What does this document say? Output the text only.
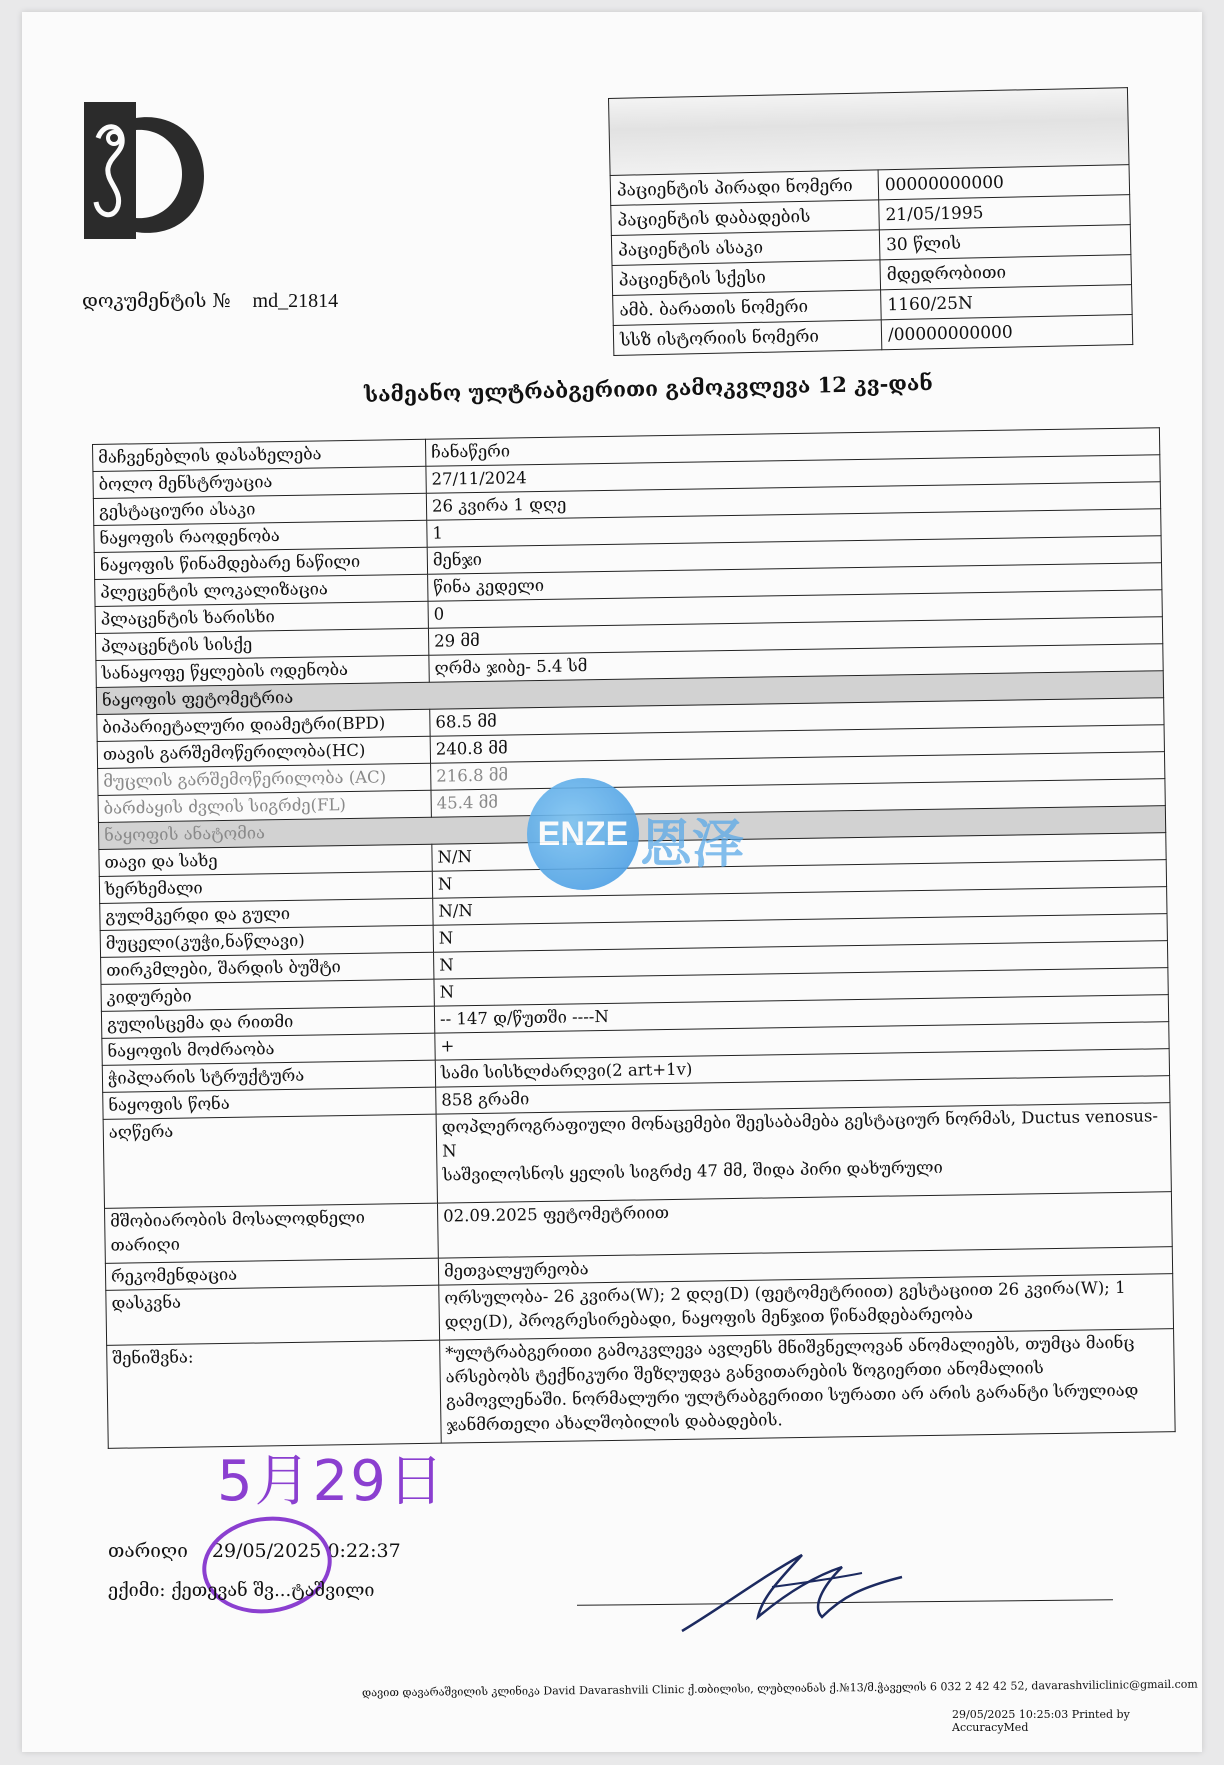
დოკუმენტის № md_21814

პაციენტის პირადი ნომერი	00000000000
პაციენტის დაბადების	21/05/1995
პაციენტის ასაკი	30 წლის
პაციენტის სქესი	მდედრობითი
ამბ. ბარათის ნომერი	1160/25N
სსზ ისტორიის ნომერი	/00000000000
სამეანო ულტრაბგერითი გამოკვლევა 12 კვ-დან
მაჩვენებლის დასახელება	ჩანაწერი
ბოლო მენსტრუაცია	27/11/2024
გესტაციური ასაკი	26 კვირა 1 დღე
ნაყოფის რაოდენობა	1
ნაყოფის წინამდებარე ნაწილი	მენჯი
პლეცენტის ლოკალიზაცია	წინა კედელი
პლაცენტის ხარისხი	0
პლაცენტის სისქე	29 მმ
სანაყოფე წყლების ოდენობა	ღრმა ჯიბე- 5.4 სმ
ნაყოფის ფეტომეტრია	
ბიპარიეტალური დიამეტრი(BPD)	68.5 მმ
თავის გარშემოწერილობა(HC)	240.8 მმ
მუცლის გარშემოწერილობა (AC)	216.8 მმ
ბარძაყის ძვლის სიგრძე(FL)	45.4 მმ
ნაყოფის ანატომია	
თავი და სახე	N/N
ხერხემალი	N
გულმკერდი და გული	N/N
მუცელი(კუჭი,ნაწლავი)	N
თირკმლები, შარდის ბუშტი	N
კიდურები	N
გულისცემა და რითმი	-- 147 დ/წუთში ----N
ნაყოფის მოძრაობა	+
ჭიპლარის სტრუქტურა	სამი სისხლძარღვი(2 art+1v)
ნაყოფის წონა	858 გრამი
აღწერა	დოპლეროგრაფიული მონაცემები შეესაბამება გესტაციურ ნორმას, Ductus venosus-N
საშვილოსნოს ყელის სიგრძე 47 მმ, შიდა პირი დახურული

მშობიარობის მოსალოდნელი თარიღი	02.09.2025 ფეტომეტრიით
რეკომენდაცია	მეთვალყურეობა
დასკვნა	ორსულობა- 26 კვირა(W); 2 დღე(D) (ფეტომეტრიით) გესტაციით 26 კვირა(W); 1 დღე(D), პროგრესირებადი, ნაყოფის მენჯით წინამდებარეობა
შენიშვნა:	*ულტრაბგერითი გამოკვლევა ავლენს მნიშვნელოვან ანომალიებს, თუმცა მაინც არსებობს ტექნიკური შეზღუდვა განვითარების ზოგიერთი ანომალიის გამოვლენაში. ნორმალური ულტრაბგერითი სურათი არ არის გარანტი სრულიად ჯანმრთელი ახალშობილის დაბადების.
ENZE 恩泽
5月29日
თარიღი 29/05/2025 0:22:37
ექიმი: ქეთევან შვ...ტაშვილი
დავით დავარაშვილის კლინიკა David Davarashvili Clinic ქ.თბილისი, ლუბლიანას ქ.№13/მ.ჭაველის 6 032 2 42 42 52, davarashviliclinic@gmail.com
29/05/2025 10:25:03 Printed by AccuracyMed
